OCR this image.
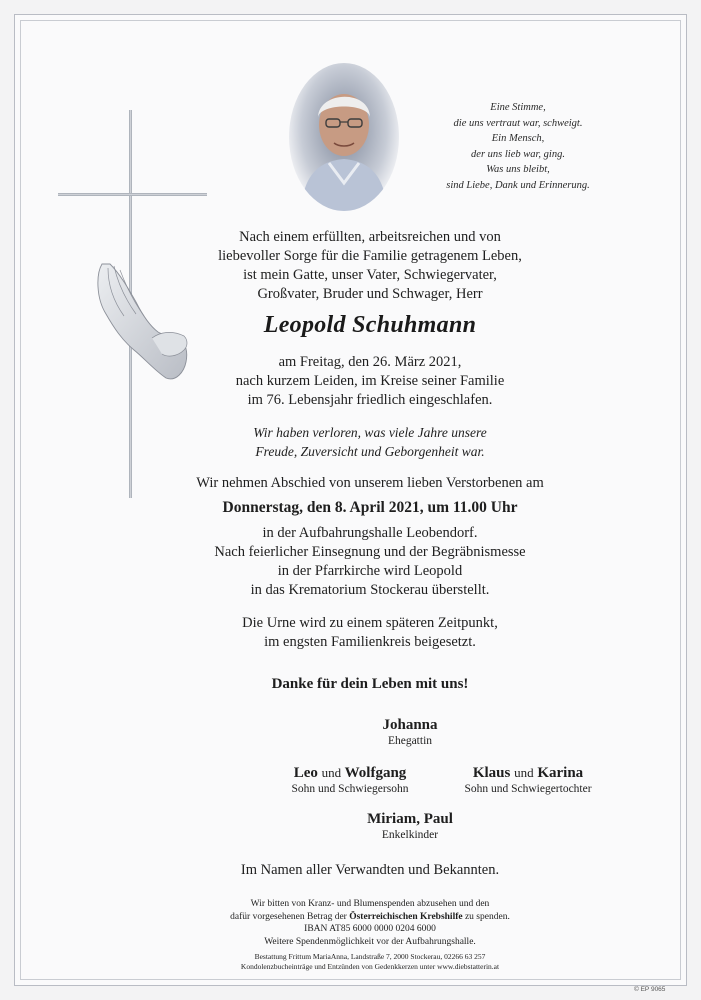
Eine Stimme,
die uns vertraut war, schweigt.
Ein Mensch,
der uns lieb war, ging.
Was uns bleibt,
sind Liebe, Dank und Erinnerung.
Nach einem erfüllten, arbeitsreichen und von
liebevoller Sorge für die Familie getragenem Leben,
ist mein Gatte, unser Vater, Schwiegervater,
Großvater, Bruder und Schwager, Herr
Leopold Schuhmann
am Freitag, den 26. März 2021,
nach kurzem Leiden, im Kreise seiner Familie
im 76. Lebensjahr friedlich eingeschlafen.
Wir haben verloren, was viele Jahre unsere
Freude, Zuversicht und Geborgenheit war.
Wir nehmen Abschied von unserem lieben Verstorbenen am
Donnerstag, den 8. April 2021, um 11.00 Uhr
in der Aufbahrungshalle Leobendorf.
Nach feierlicher Einsegnung und der Begräbnismesse
in der Pfarrkirche wird Leopold
in das Krematorium Stockerau überstellt.
Die Urne wird zu einem späteren Zeitpunkt,
im engsten Familienkreis beigesetzt.
Danke für dein Leben mit uns!
Johanna
Ehegattin
Leo und Wolfgang
Sohn und Schwiegersohn
Klaus und Karina
Sohn und Schwiegertochter
Miriam, Paul
Enkelkinder
Im Namen aller Verwandten und Bekannten.
Wir bitten von Kranz- und Blumenspenden abzusehen und den
dafür vorgesehenen Betrag der Österreichischen Krebshilfe zu spenden.
IBAN AT85 6000 0000 0204 6000
Weitere Spendenmöglichkeit vor der Aufbahrungshalle.
Bestattung Frittum MariaAnna, Landstraße 7, 2000 Stockerau, 02266 63 257
Kondolenzbucheinträge und Entzünden von Gedenkkerzen unter www.diebstatterin.at
© EP 9065
